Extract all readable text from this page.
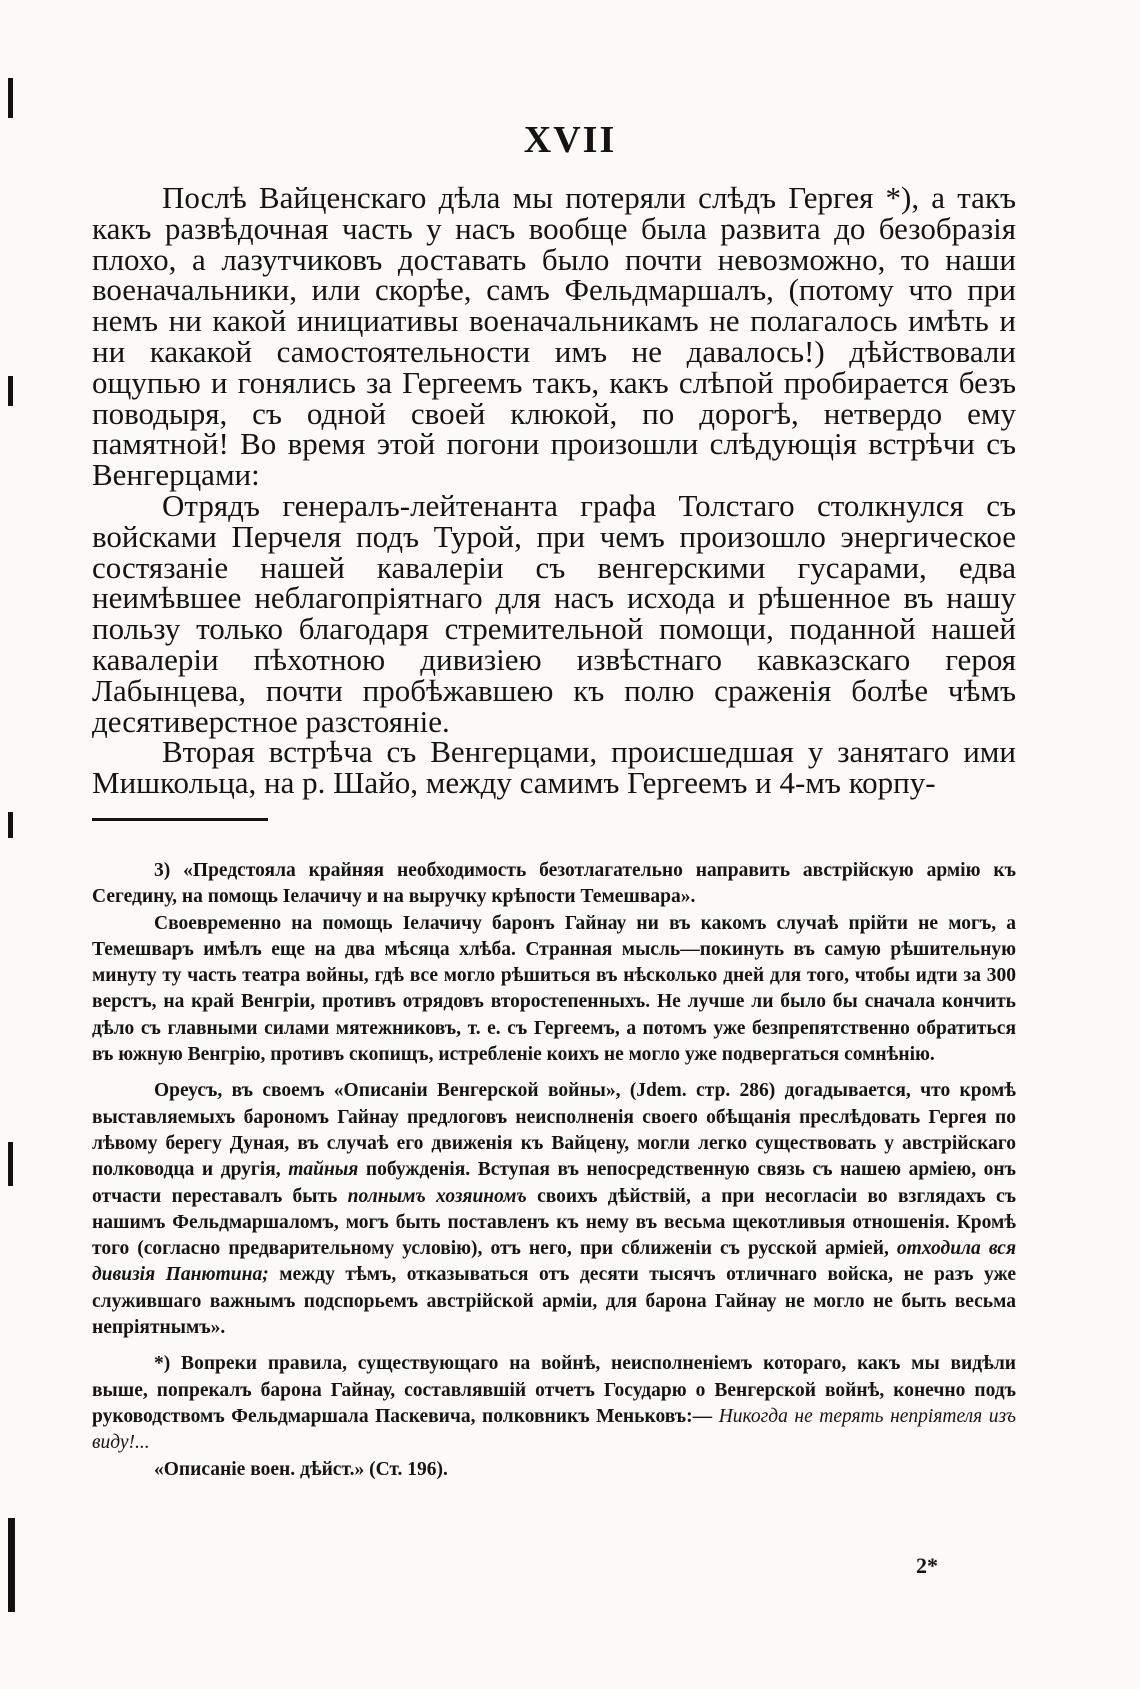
XVII

Послѣ Вайценскаго дѣла мы потеряли слѣдъ Гергея *), а такъ какъ развѣдочная часть у насъ вообще была развита до безобразія плохо, а лазутчиковъ доставать было почти невозможно, то наши военачальники, или скорѣе, самъ Фельдмаршалъ, (потому что при немъ ни какой инициативы военачальникамъ не полагалось имѣть и ни какакой самостоятельности имъ не давалось!) дѣйствовали ощупью и гонялись за Гергеемъ такъ, какъ слѣпой пробирается безъ поводыря, съ одной своей клюкой, по дорогѣ, нетвердо ему памятной! Во время этой погони произошли слѣдующія встрѣчи съ Венгерцами:

Отрядъ генералъ-лейтенанта графа Толстаго столкнулся съ войсками Перчеля подъ Турой, при чемъ произошло энергическое состязаніе нашей кавалеріи съ венгерскими гусарами, едва неимѣвшее неблагопріятнаго для насъ исхода и рѣшенное въ нашу пользу только благодаря стремительной помощи, поданной нашей кавалеріи пѣхотною дивизіею извѣстнаго кавказскаго героя Лабынцева, почти пробѣжавшею къ полю сраженія болѣе чѣмъ десятиверстное разстояніе.

Вторая встрѣча съ Венгерцами, происшедшая у занятаго ими Мишкольца, на р. Шайо, между самимъ Гергеемъ и 4-мъ корпу-

3) «Предстояла крайняя необходимость безотлагательно направить австрійскую армію къ Сегедину, на помощь Іелачичу и на выручку крѣпости Темешвара».

Своевременно на помощь Іелачичу баронъ Гайнау ни въ какомъ случаѣ прійти не могъ, а Темешваръ имѣлъ еще на два мѣсяца хлѣба. Странная мысль—покинуть въ самую рѣшительную минуту ту часть театра войны, гдѣ все могло рѣшиться въ нѣсколько дней для того, чтобы идти за 300 верстъ, на край Венгріи, противъ отрядовъ второстепенныхъ. Не лучше ли было бы сначала кончить дѣло съ главными силами мятежниковъ, т. е. съ Гергеемъ, а потомъ уже безпрепятственно обратиться въ южную Венгрію, противъ скопищъ, истребленіе коихъ не могло уже подвергаться сомнѣнію.

Ореусъ, въ своемъ «Описаніи Венгерской войны», (Jdem. стр. 286) догадывается, что кромѣ выставляемыхъ барономъ Гайнау предлоговъ неисполненія своего обѣщанія преслѣдовать Гергея по лѣвому берегу Дуная, въ случаѣ его движенія къ Вайцену, могли легко существовать у австрійскаго полководца и другія, тайныя побужденія. Вступая въ непосредственную связь съ нашею арміею, онъ отчасти переставалъ быть полнымъ хозяиномъ своихъ дѣйствій, а при несогласіи во взглядахъ съ нашимъ Фельдмаршаломъ, могъ быть поставленъ къ нему въ весьма щекотливыя отношенія. Кромѣ того (согласно предварительному условію), отъ него, при сближеніи съ русской арміей, отходила вся дивизія Панютина; между тѣмъ, отказываться отъ десяти тысячъ отличнаго войска, не разъ уже служившаго важнымъ подспорьемъ австрійской арміи, для барона Гайнау не могло не быть весьма непріятнымъ».

*) Вопреки правила, существующаго на войнѣ, неисполненіемъ котораго, какъ мы видѣли выше, попрекалъ барона Гайнау, составлявшій отчетъ Государю о Венгерской войнѣ, конечно подъ руководствомъ Фельдмаршала Паскевича, полковникъ Меньковъ:— Никогда не терять непріятеля изъ виду!...

«Описаніе воен. дѣйст.» (Ст. 196).

2*
